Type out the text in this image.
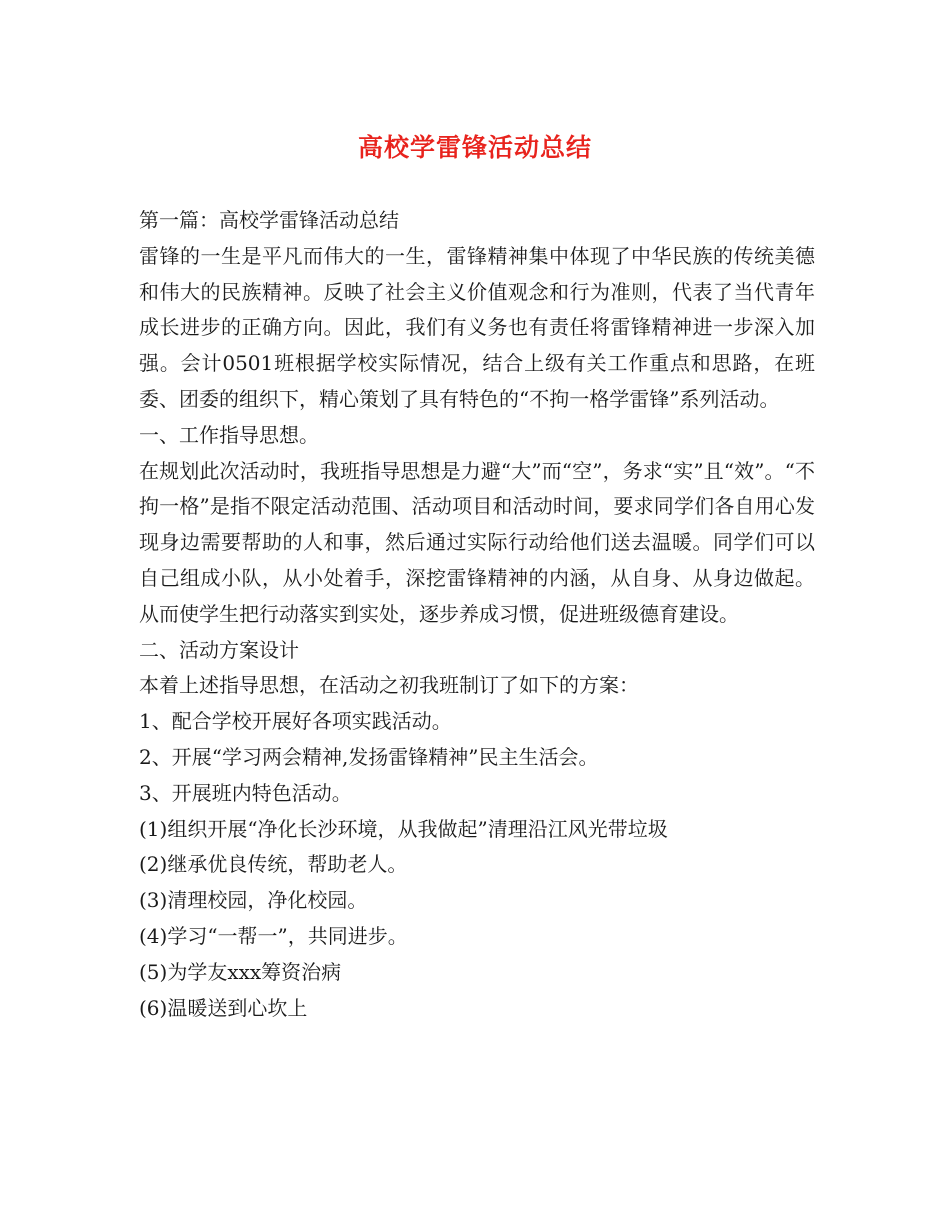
高校学雷锋活动总结

第一篇：高校学雷锋活动总结

雷锋的一生是平凡而伟大的一生，雷锋精神集中体现了中华民族的传统美德和伟大的民族精神。反映了社会主义价值观念和行为准则，代表了当代青年成长进步的正确方向。因此，我们有义务也有责任将雷锋精神进一步深入加强。会计0501班根据学校实际情况，结合上级有关工作重点和思路，在班委、团委的组织下，精心策划了具有特色的“不拘一格学雷锋”系列活动。

一、工作指导思想。

在规划此次活动时，我班指导思想是力避“大”而“空”，务求“实”且“效”。“不拘一格”是指不限定活动范围、活动项目和活动时间，要求同学们各自用心发现身边需要帮助的人和事，然后通过实际行动给他们送去温暖。同学们可以自己组成小队，从小处着手，深挖雷锋精神的内涵，从自身、从身边做起。从而使学生把行动落实到实处，逐步养成习惯，促进班级德育建设。

二、活动方案设计

本着上述指导思想，在活动之初我班制订了如下的方案：

1、配合学校开展好各项实践活动。

2、开展“学习两会精神,发扬雷锋精神”民主生活会。

3、开展班内特色活动。

(1)组织开展“净化长沙环境，从我做起”清理沿江风光带垃圾

(2)继承优良传统，帮助老人。

(3)清理校园，净化校园。

(4)学习“一帮一”，共同进步。

(5)为学友xxx筹资治病

(6)温暖送到心坎上
